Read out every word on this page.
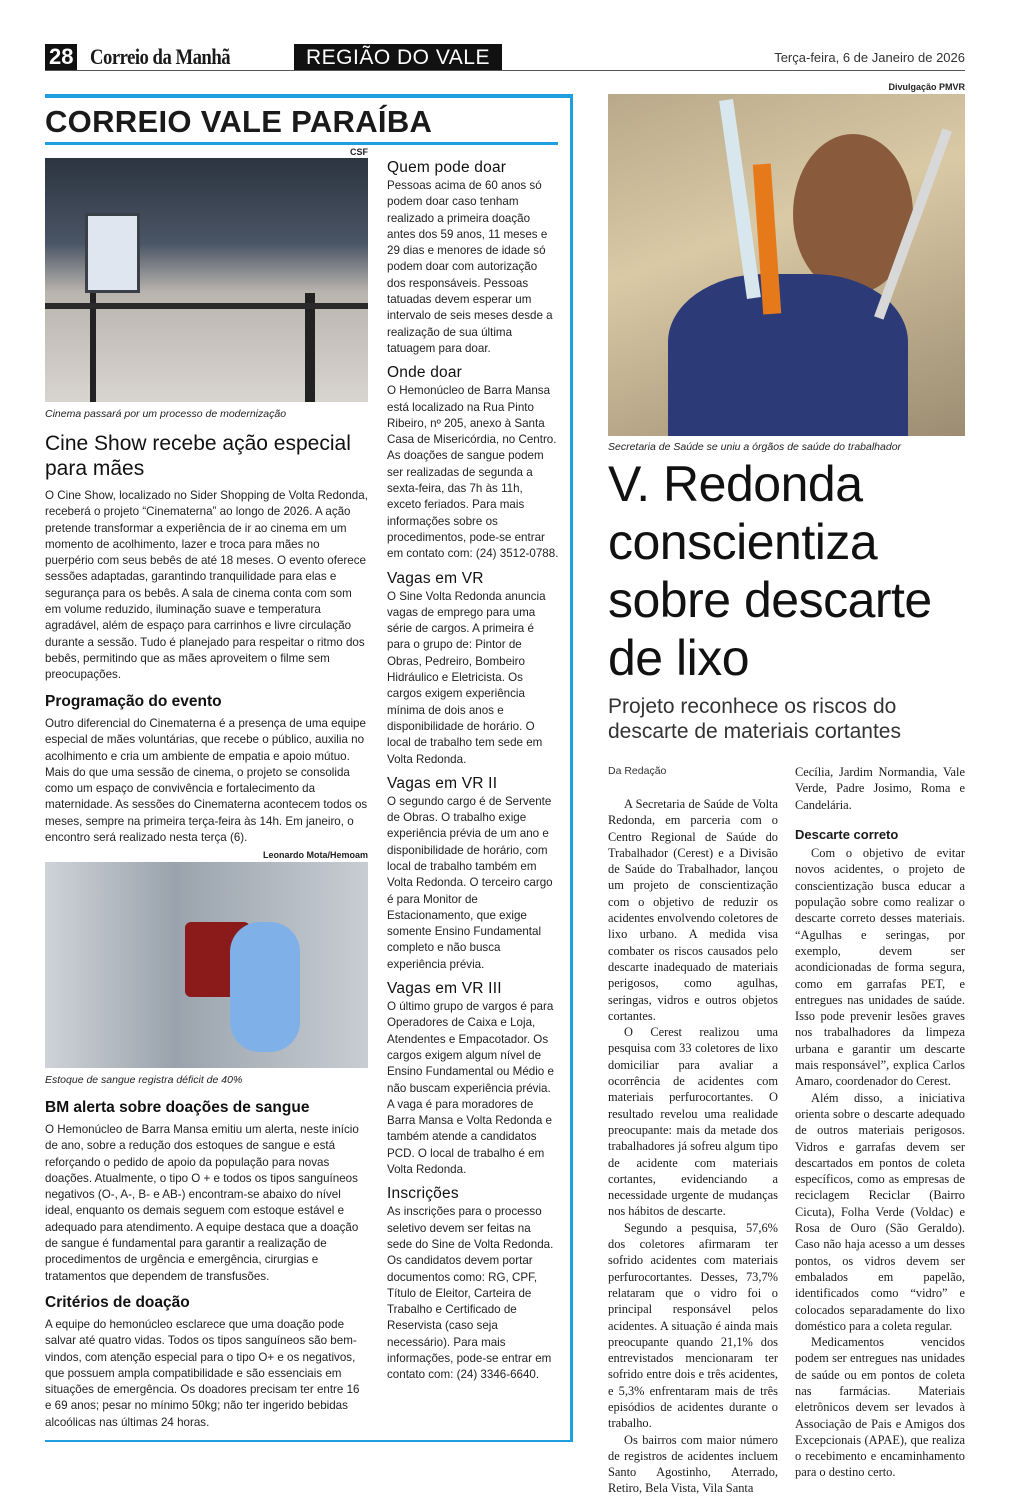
28 Correio da Manhã	REGIÃO DO VALE	Terça-feira, 6 de Janeiro de 2026
CORREIO VALE PARAÍBA
CSF
Cinema passará por um processo de modernização
Cine Show recebe ação especial para mães
O Cine Show, localizado no Sider Shopping de Volta Redonda, receberá o projeto “Cinematerna” ao longo de 2026. A ação pretende transformar a experiência de ir ao cinema em um momento de acolhimento, lazer e troca para mães no puerpério com seus bebês de até 18 meses. O evento oferece sessões adaptadas, garantindo tranquilidade para elas e segurança para os bebês. A sala de cinema conta com som em volume reduzido, iluminação suave e temperatura agradável, além de espaço para carrinhos e livre circulação durante a sessão. Tudo é planejado para respeitar o ritmo dos bebês, permitindo que as mães aproveitem o filme sem preocupações.
Programação do evento
Outro diferencial do Cinematerna é a presença de uma equipe especial de mães voluntárias, que recebe o público, auxilia no acolhimento e cria um ambiente de empatia e apoio mútuo. Mais do que uma sessão de cinema, o projeto se consolida como um espaço de convivência e fortalecimento da maternidade. As sessões do Cinematerna acontecem todos os meses, sempre na primeira terça-feira às 14h. Em janeiro, o encontro será realizado nesta terça (6).
Leonardo Mota/Hemoam
Estoque de sangue registra déficit de 40%
BM alerta sobre doações de sangue
O Hemonúcleo de Barra Mansa emitiu um alerta, neste início de ano, sobre a redução dos estoques de sangue e está reforçando o pedido de apoio da população para novas doações. Atualmente, o tipo O + e todos os tipos sanguíneos negativos (O-, A-, B- e AB-) encontram-se abaixo do nível ideal, enquanto os demais seguem com estoque estável e adequado para atendimento. A equipe destaca que a doação de sangue é fundamental para garantir a realização de procedimentos de urgência e emergência, cirurgias e tratamentos que dependem de transfusões.
Critérios de doação
A equipe do hemonúcleo esclarece que uma doação pode salvar até quatro vidas. Todos os tipos sanguíneos são bem-vindos, com atenção especial para o tipo O+ e os negativos, que possuem ampla compatibilidade e são essenciais em situações de emergência. Os doadores precisam ter entre 16 e 69 anos; pesar no mínimo 50kg; não ter ingerido bebidas alcoólicas nas últimas 24 horas.
Quem pode doar

Pessoas acima de 60 anos só podem doar caso tenham realizado a primeira doação antes dos 59 anos, 11 meses e 29 dias e menores de idade só podem doar com autorização dos responsáveis. Pessoas tatuadas devem esperar um intervalo de seis meses desde a realização de sua última tatuagem para doar.

Onde doar

O Hemonúcleo de Barra Mansa está localizado na Rua Pinto Ribeiro, nº 205, anexo à Santa Casa de Misericórdia, no Centro. As doações de sangue podem ser realizadas de segunda a sexta-feira, das 7h às 11h, exceto feriados. Para mais informações sobre os procedimentos, pode-se entrar em contato com: (24) 3512-0788.

Vagas em VR

O Sine Volta Redonda anuncia vagas de emprego para uma série de cargos. A primeira é para o grupo de: Pintor de Obras, Pedreiro, Bombeiro Hidráulico e Eletricista. Os cargos exigem experiência mínima de dois anos e disponibilidade de horário. O local de trabalho tem sede em Volta Redonda.

Vagas em VR II

O segundo cargo é de Servente de Obras. O trabalho exige experiência prévia de um ano e disponibilidade de horário, com local de trabalho também em Volta Redonda. O terceiro cargo é para Monitor de Estacionamento, que exige somente Ensino Fundamental completo e não busca experiência prévia.

Vagas em VR III

O último grupo de vargos é para Operadores de Caixa e Loja, Atendentes e Empacotador. Os cargos exigem algum nível de Ensino Fundamental ou Médio e não buscam experiência prévia. A vaga é para moradores de Barra Mansa e Volta Redonda e também atende a candidatos PCD. O local de trabalho é em Volta Redonda.

Inscrições

As inscrições para o processo seletivo devem ser feitas na sede do Sine de Volta Redonda. Os candidatos devem portar documentos como: RG, CPF, Título de Eleitor, Carteira de Trabalho e Certificado de Reservista (caso seja necessário). Para mais informações, pode-se entrar em contato com: (24) 3346-6640.

Divulgação PMVR
Secretaria de Saúde se uniu a órgãos de saúde do trabalhador
V. Redonda conscientiza sobre descarte de lixo
Projeto reconhece os riscos do descarte de materiais cortantes
Da Redação

A Secretaria de Saúde de Volta Redonda, em parceria com o Centro Regional de Saúde do Trabalhador (Cerest) e a Divisão de Saúde do Trabalhador, lançou um projeto de conscientização com o objetivo de reduzir os acidentes envolvendo coletores de lixo urbano. A medida visa combater os riscos causados pelo descarte inadequado de materiais perigosos, como agulhas, seringas, vidros e outros objetos cortantes.

O Cerest realizou uma pesquisa com 33 coletores de lixo domiciliar para avaliar a ocorrência de acidentes com materiais perfurocortantes. O resultado revelou uma realidade preocupante: mais da metade dos trabalhadores já sofreu algum tipo de acidente com materiais cortantes, evidenciando a necessidade urgente de mudanças nos hábitos de descarte.

Segundo a pesquisa, 57,6% dos coletores afirmaram ter sofrido acidentes com materiais perfurocortantes. Desses, 73,7% relataram que o vidro foi o principal responsável pelos acidentes. A situação é ainda mais preocupante quando 21,1% dos entrevistados mencionaram ter sofrido entre dois e três acidentes, e 5,3% enfrentaram mais de três episódios de acidentes durante o trabalho.

Os bairros com maior número de registros de acidentes incluem Santo Agostinho, Aterrado, Retiro, Bela Vista, Vila Santa

Cecília, Jardim Normandia, Vale Verde, Padre Josimo, Roma e Candelária.

Descarte correto

Com o objetivo de evitar novos acidentes, o projeto de conscientização busca educar a população sobre como realizar o descarte correto desses materiais. “Agulhas e seringas, por exemplo, devem ser acondicionadas de forma segura, como em garrafas PET, e entregues nas unidades de saúde. Isso pode prevenir lesões graves nos trabalhadores da limpeza urbana e garantir um descarte mais responsável”, explica Carlos Amaro, coordenador do Cerest.

Além disso, a iniciativa orienta sobre o descarte adequado de outros materiais perigosos. Vidros e garrafas devem ser descartados em pontos de coleta específicos, como as empresas de reciclagem Reciclar (Bairro Cicuta), Folha Verde (Voldac) e Rosa de Ouro (São Geraldo). Caso não haja acesso a um desses pontos, os vidros devem ser embalados em papelão, identificados como “vidro” e colocados separadamente do lixo doméstico para a coleta regular.

Medicamentos vencidos podem ser entregues nas unidades de saúde ou em pontos de coleta nas farmácias. Materiais eletrônicos devem ser levados à Associação de Pais e Amigos dos Excepcionais (APAE), que realiza o recebimento e encaminhamento para o destino certo.
